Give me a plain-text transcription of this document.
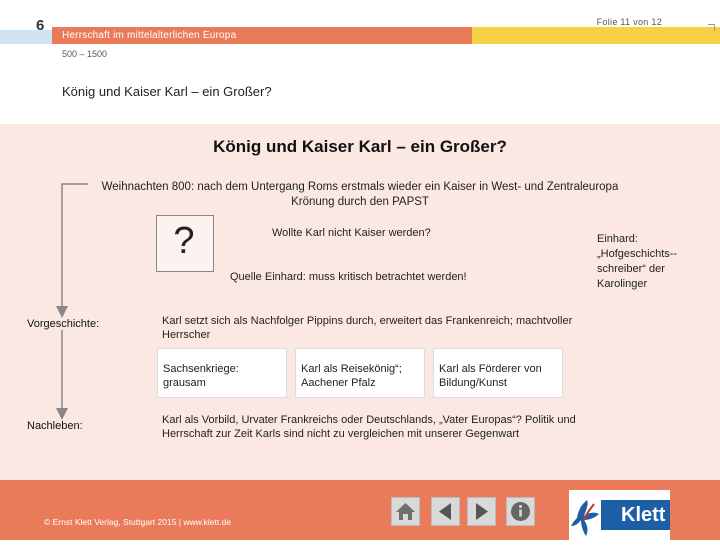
6
Herrschaft im mittelalterlichen Europa
Folie 11 von 12
500 – 1500
König und Kaiser Karl – ein Großer?
König und Kaiser Karl – ein Großer?
Weihnachten 800: nach dem Untergang Roms erstmals wieder ein Kaiser in West- und Zentraleuropa
Krönung durch den PAPST
?	Wollte Karl nicht Kaiser werden?
Quelle Einhard: muss kritisch betrachtet werden!
Einhard: „Hofgeschichts--schreiber“ der Karolinger
Vorgeschichte:	Karl setzt sich als Nachfolger Pippins durch, erweitert das Frankenreich; machtvoller Herrscher
Sachsenkriege: grausam
Karl als Reisekönig“; Aachener Pfalz
Karl als Förderer von Bildung/Kunst
Nachleben:	Karl als Vorbild, Urvater Frankreichs oder Deutschlands, „Vater Europas“? Politik und Herrschaft zur Zeit Karls sind nicht zu vergleichen mit unserer Gegenwart
© Ernst Klett Verlag, Stuttgart 2015 | www.klett.de	Klett
